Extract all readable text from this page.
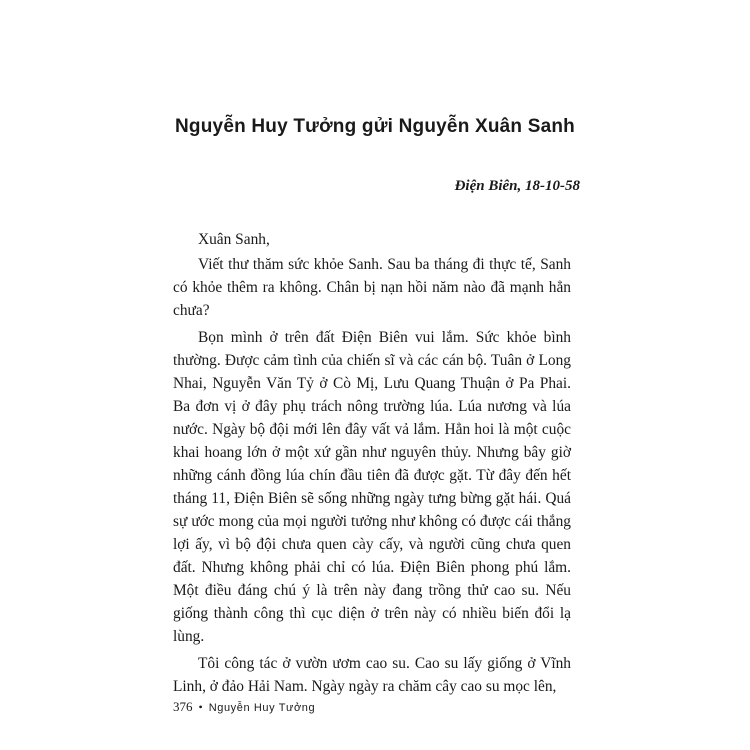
Nguyễn Huy Tưởng gửi Nguyễn Xuân Sanh
Điện Biên, 18-10-58

Xuân Sanh,

Viết thư thăm sức khỏe Sanh. Sau ba tháng đi thực tế, Sanh có khỏe thêm ra không. Chân bị nạn hồi năm nào đã mạnh hẳn chưa?

Bọn mình ở trên đất Điện Biên vui lắm. Sức khỏe bình thường. Được cảm tình của chiến sĩ và các cán bộ. Tuân ở Long Nhai, Nguyễn Văn Tỷ ở Cò Mị, Lưu Quang Thuận ở Pa Phai. Ba đơn vị ở đây phụ trách nông trường lúa. Lúa nương và lúa nước. Ngày bộ đội mới lên đây vất vả lắm. Hẳn hoi là một cuộc khai hoang lớn ở một xứ gần như nguyên thủy. Nhưng bây giờ những cánh đồng lúa chín đầu tiên đã được gặt. Từ đây đến hết tháng 11, Điện Biên sẽ sống những ngày tưng bừng gặt hái. Quá sự ước mong của mọi người tưởng như không có được cái thắng lợi ấy, vì bộ đội chưa quen cày cấy, và người cũng chưa quen đất. Nhưng không phải chỉ có lúa. Điện Biên phong phú lắm. Một điều đáng chú ý là trên này đang trồng thử cao su. Nếu giống thành công thì cục diện ở trên này có nhiều biến đổi lạ lùng.

Tôi công tác ở vườn ươm cao su. Cao su lấy giống ở Vĩnh Linh, ở đảo Hải Nam. Ngày ngày ra chăm cây cao su mọc lên,

376 • Nguyễn Huy Tưởng
